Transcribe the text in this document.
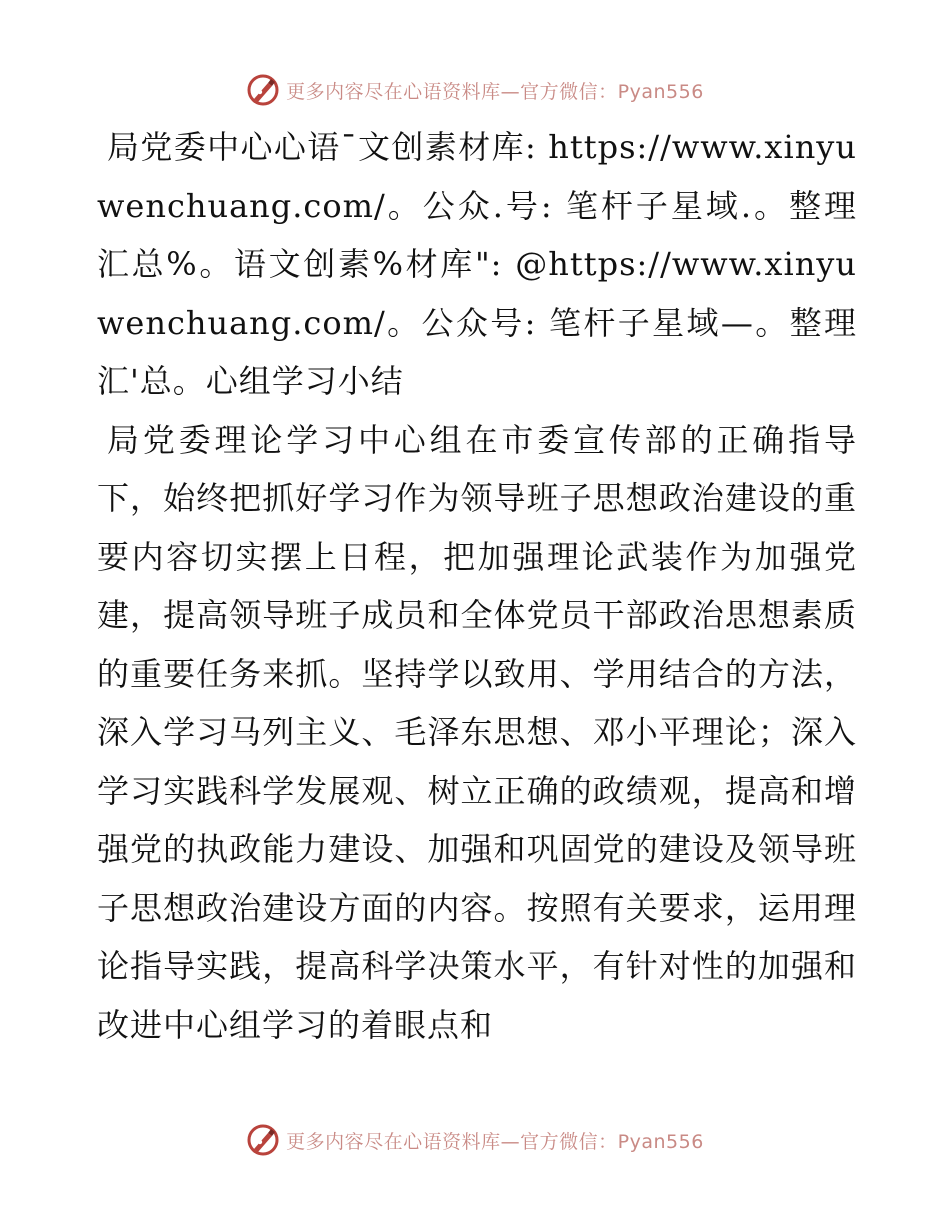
更多内容尽在心语资料库—官方微信：Pyan556

局党委中心心语¯文创素材库: https://www.xinyuwenchuang.com/。公众.号: 笔杆子星域.。整理汇总%。语文创素%材库": @https://www.xinyuwenchuang.com/。公众号: 笔杆子星域—。整理汇'总。心组学习小结

局党委理论学习中心组在市委宣传部的正确指导下，始终把抓好学习作为领导班子思想政治建设的重要内容切实摆上日程，把加强理论武装作为加强党建，提高领导班子成员和全体党员干部政治思想素质的重要任务来抓。坚持学以致用、学用结合的方法，深入学习马列主义、毛泽东思想、邓小平理论；深入学习实践科学发展观、树立正确的政绩观，提高和增强党的执政能力建设、加强和巩固党的建设及领导班子思想政治建设方面的内容。按照有关要求，运用理论指导实践，提高科学决策水平，有针对性的加强和改进中心组学习的着眼点和

更多内容尽在心语资料库—官方微信：Pyan556
